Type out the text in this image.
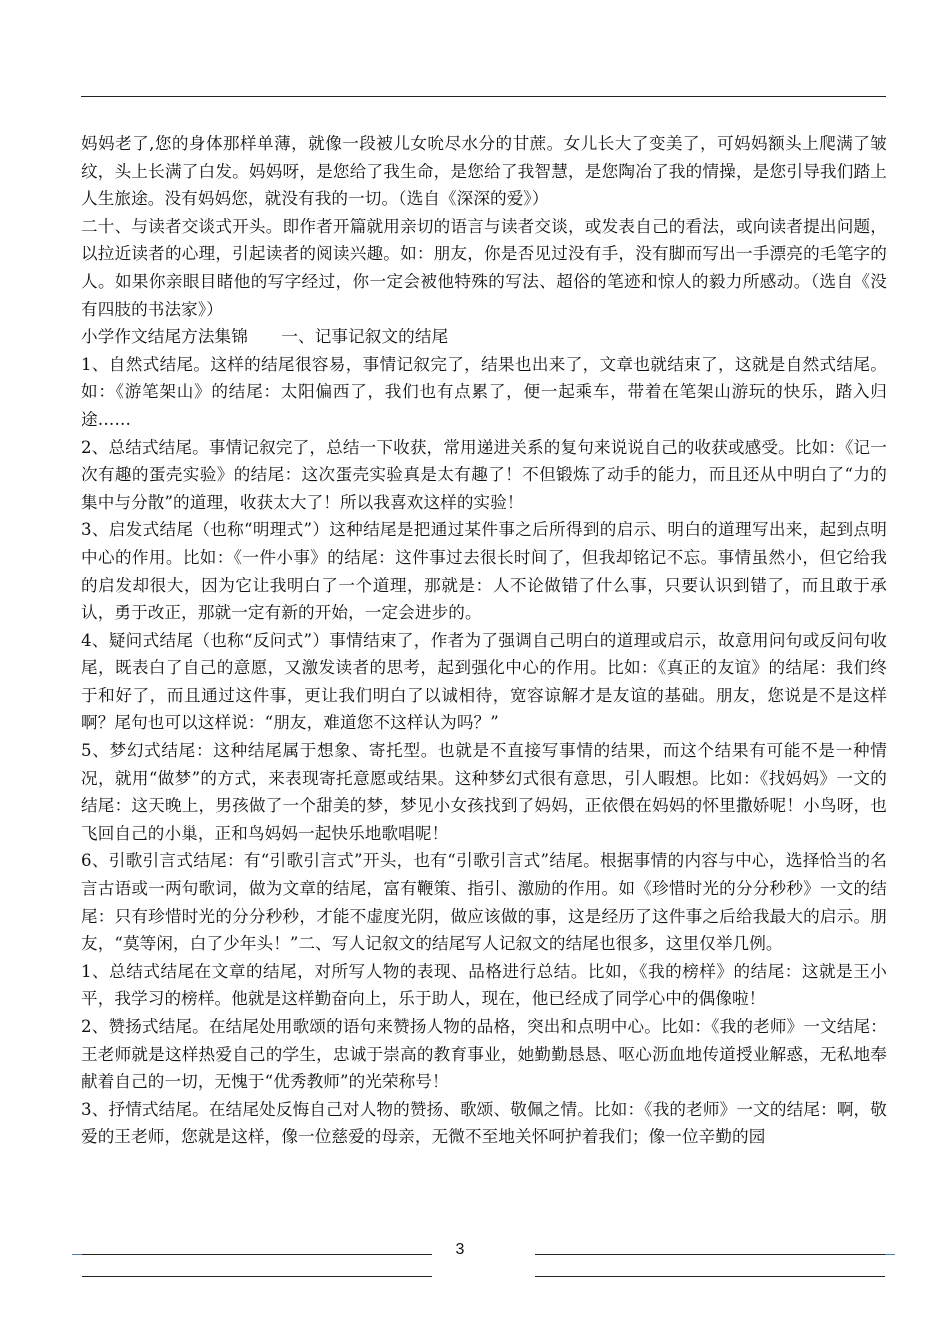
妈妈老了,您的身体那样单薄，就像一段被儿女吮尽水分的甘蔗。女儿长大了变美了，可妈妈额头上爬满了皱纹，头上长满了白发。妈妈呀，是您给了我生命，是您给了我智慧，是您陶冶了我的情操，是您引导我们踏上人生旅途。没有妈妈您，就没有我的一切。（选自《深深的爱》）

二十、与读者交谈式开头。即作者开篇就用亲切的语言与读者交谈，或发表自己的看法，或向读者提出问题，以拉近读者的心理，引起读者的阅读兴趣。如：朋友，你是否见过没有手，没有脚而写出一手漂亮的毛笔字的人。如果你亲眼目睹他的写字经过，你一定会被他特殊的写法、超俗的笔迹和惊人的毅力所感动。（选自《没有四肢的书法家》）

小学作文结尾方法集锦　　一、记事记叙文的结尾

1、自然式结尾。这样的结尾很容易，事情记叙完了，结果也出来了，文章也就结束了，这就是自然式结尾。如：《游笔架山》的结尾：太阳偏西了，我们也有点累了，便一起乘车，带着在笔架山游玩的快乐，踏入归途……

2、总结式结尾。事情记叙完了，总结一下收获，常用递进关系的复句来说说自己的收获或感受。比如：《记一次有趣的蛋壳实验》的结尾：这次蛋壳实验真是太有趣了！不但锻炼了动手的能力，而且还从中明白了“力的集中与分散”的道理，收获太大了！所以我喜欢这样的实验！

3、启发式结尾（也称“明理式”）这种结尾是把通过某件事之后所得到的启示、明白的道理写出来，起到点明中心的作用。比如：《一件小事》的结尾：这件事过去很长时间了，但我却铭记不忘。事情虽然小，但它给我的启发却很大，因为它让我明白了一个道理，那就是：人不论做错了什么事，只要认识到错了，而且敢于承认，勇于改正，那就一定有新的开始，一定会进步的。

4、疑问式结尾（也称“反问式”）事情结束了，作者为了强调自己明白的道理或启示，故意用问句或反问句收尾，既表白了自己的意愿，又激发读者的思考，起到强化中心的作用。比如：《真正的友谊》的结尾：我们终于和好了，而且通过这件事，更让我们明白了以诚相待，宽容谅解才是友谊的基础。朋友，您说是不是这样啊？尾句也可以这样说：“朋友，难道您不这样认为吗？”

5、梦幻式结尾：这种结尾属于想象、寄托型。也就是不直接写事情的结果，而这个结果有可能不是一种情况，就用“做梦”的方式，来表现寄托意愿或结果。这种梦幻式很有意思，引人暇想。比如：《找妈妈》一文的结尾：这天晚上，男孩做了一个甜美的梦，梦见小女孩找到了妈妈，正依偎在妈妈的怀里撒娇呢！小鸟呀，也飞回自己的小巢，正和鸟妈妈一起快乐地歌唱呢！

6、引歌引言式结尾：有“引歌引言式”开头，也有“引歌引言式”结尾。根据事情的内容与中心，选择恰当的名言古语或一两句歌词，做为文章的结尾，富有鞭策、指引、激励的作用。如《珍惜时光的分分秒秒》一文的结尾：只有珍惜时光的分分秒秒，才能不虚度光阴，做应该做的事，这是经历了这件事之后给我最大的启示。朋友，“莫等闲，白了少年头！”二、写人记叙文的结尾写人记叙文的结尾也很多，这里仅举几例。

1、总结式结尾在文章的结尾，对所写人物的表现、品格进行总结。比如，《我的榜样》的结尾：这就是王小平，我学习的榜样。他就是这样勤奋向上，乐于助人，现在，他已经成了同学心中的偶像啦！

2、赞扬式结尾。在结尾处用歌颂的语句来赞扬人物的品格，突出和点明中心。比如：《我的老师》一文结尾：王老师就是这样热爱自己的学生，忠诚于崇高的教育事业，她勤勤恳恳、呕心沥血地传道授业解惑，无私地奉献着自己的一切，无愧于“优秀教师”的光荣称号！

3、抒情式结尾。在结尾处反悔自己对人物的赞扬、歌颂、敬佩之情。比如：《我的老师》一文的结尾：啊，敬爱的王老师，您就是这样，像一位慈爱的母亲，无微不至地关怀呵护着我们；像一位辛勤的园

3
